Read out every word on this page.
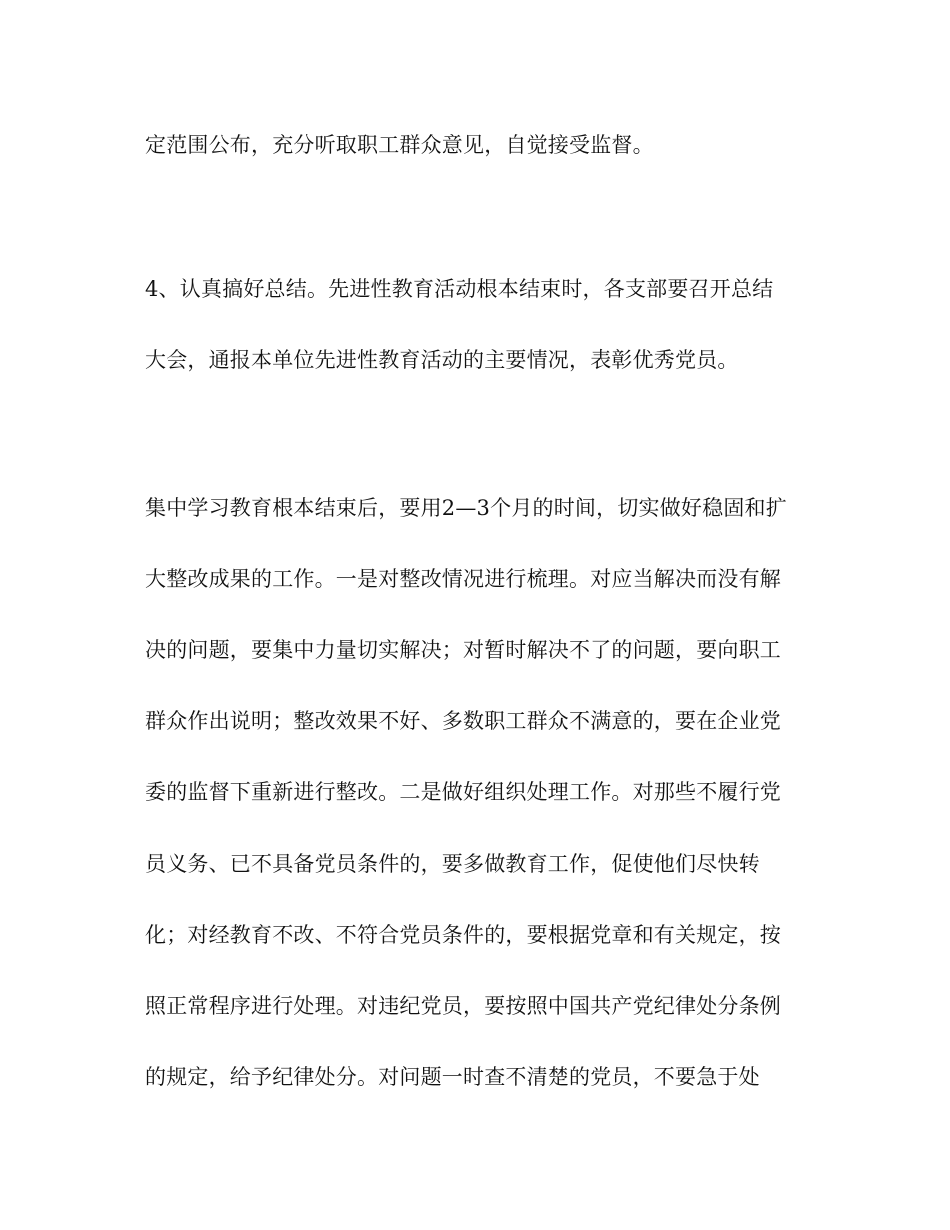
定范围公布，充分听取职工群众意见，自觉接受监督。
4、认真搞好总结。先进性教育活动根本结束时，各支部要召开总结
大会，通报本单位先进性教育活动的主要情况，表彰优秀党员。
集中学习教育根本结束后，要用2—3个月的时间，切实做好稳固和扩
大整改成果的工作。一是对整改情况进行梳理。对应当解决而没有解
决的问题，要集中力量切实解决；对暂时解决不了的问题，要向职工
群众作出说明；整改效果不好、多数职工群众不满意的，要在企业党
委的监督下重新进行整改。二是做好组织处理工作。对那些不履行党
员义务、已不具备党员条件的，要多做教育工作，促使他们尽快转
化；对经教育不改、不符合党员条件的，要根据党章和有关规定，按
照正常程序进行处理。对违纪党员，要按照中国共产党纪律处分条例
的规定，给予纪律处分。对问题一时查不清楚的党员，不要急于处
